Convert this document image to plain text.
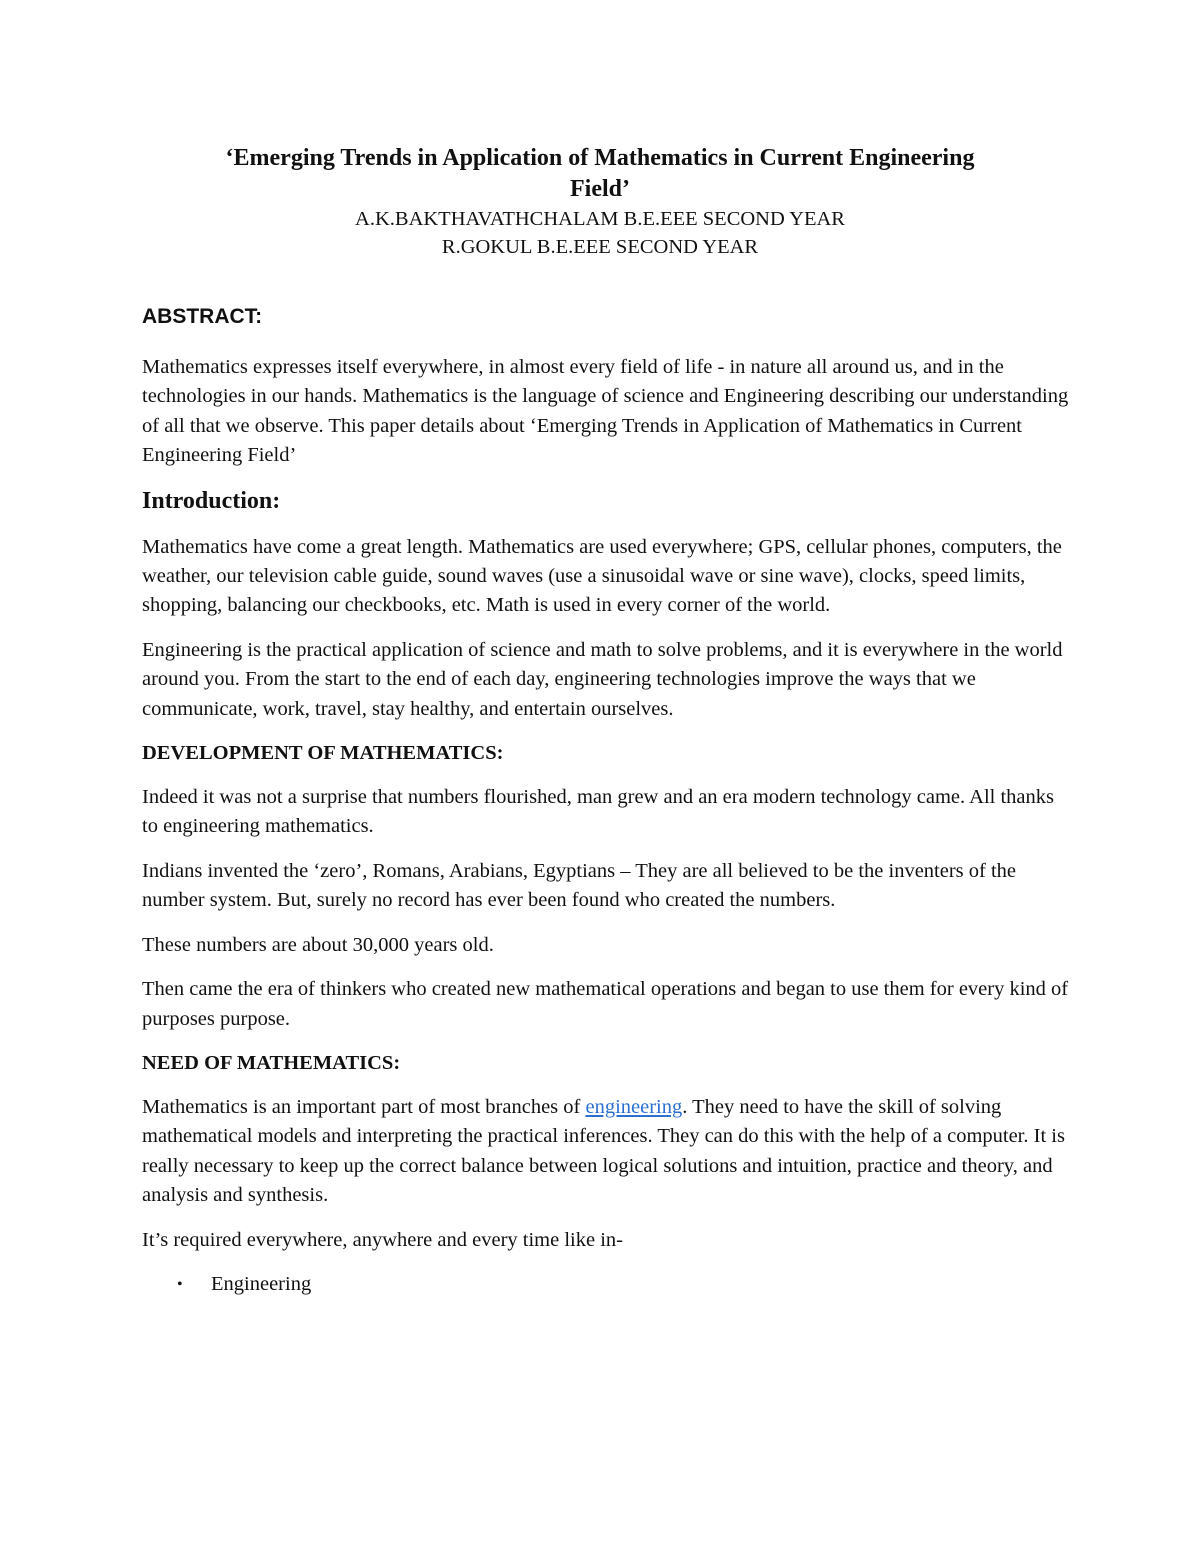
‘Emerging Trends in Application of Mathematics in Current Engineering

Field’

A.K.BAKTHAVATHCHALAM B.E.EEE SECOND YEAR

R.GOKUL B.E.EEE SECOND YEAR

ABSTRACT:

Mathematics expresses itself everywhere, in almost every field of life - in nature all around us, and in the technologies in our hands. Mathematics is the language of science and Engineering describing our understanding of all that we observe. This paper details about ‘Emerging Trends in Application of Mathematics in Current Engineering Field’

Introduction:

Mathematics have come a great length. Mathematics are used everywhere; GPS, cellular phones, computers, the weather, our television cable guide, sound waves (use a sinusoidal wave or sine wave), clocks, speed limits, shopping, balancing our checkbooks, etc. Math is used in every corner of the world.

Engineering is the practical application of science and math to solve problems, and it is everywhere in the world around you. From the start to the end of each day, engineering technologies improve the ways that we communicate, work, travel, stay healthy, and entertain ourselves.

DEVELOPMENT OF MATHEMATICS:

Indeed it was not a surprise that numbers flourished, man grew and an era modern technology came. All thanks to engineering mathematics.

Indians invented the ‘zero’, Romans, Arabians, Egyptians – They are all believed to be the inventers of the number system. But, surely no record has ever been found who created the numbers.

These numbers are about 30,000 years old.

Then came the era of thinkers who created new mathematical operations and began to use them for every kind of purposes purpose.

NEED OF MATHEMATICS:

Mathematics is an important part of most branches of engineering. They need to have the skill of solving mathematical models and interpreting the practical inferences. They can do this with the help of a computer. It is really necessary to keep up the correct balance between logical solutions and intuition, practice and theory, and analysis and synthesis.

It’s required everywhere, anywhere and every time like in-

• Engineering
